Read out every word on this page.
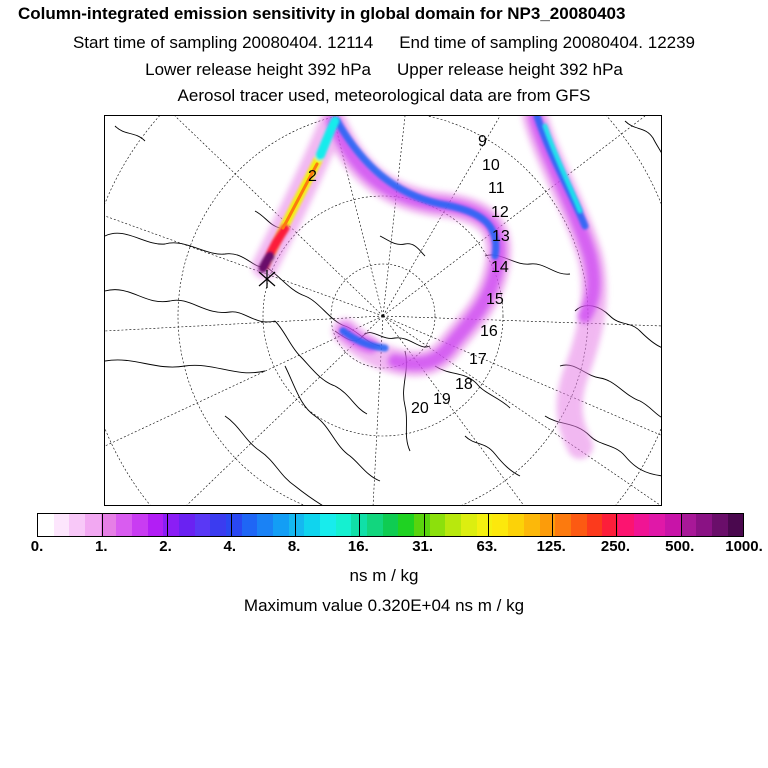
Column-integrated emission sensitivity in global domain for NP3_20080403
Start time of sampling 20080404. 12114 End time of sampling 20080404. 12239
Lower release height 392 hPa Upper release height 392 hPa
Aerosol tracer used, meteorological data are from GFS
2
9
10
11
12
13
14
15
16
17
18
19
20
0.	1.	2.	4.	8.	16.	31.	63.	125. 250. 500. 1000.
ns m / kg
Maximum value 0.320E+04 ns m / kg
